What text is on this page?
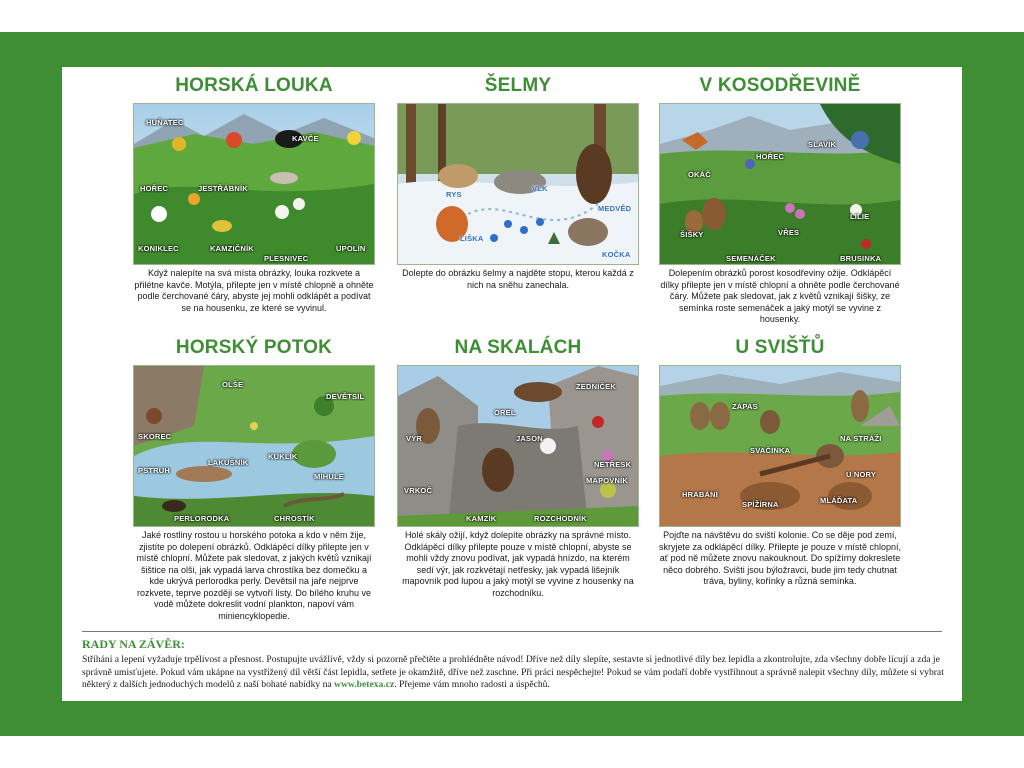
HORSKÁ LOUKA
HUŇATEC
KAVČE
HOŘEC	JESTŘÁBNÍK
KONIKLEC	KAMZIČNÍK
PLESNIVEC
UPOLÍN

Když nalepíte na svá místa obrázky, louka rozkvete a přilétne kavče. Motýla, přilepte jen v místě chlopně a ohněte podle čerchované čáry, abyste jej mohli odklápět a podívat se na housenku, ze které se vyvinul.

ŠELMY
RYS
VLK
MEDVĚD
LIŠKA
KOČKA

Dolepte do obrázku šelmy a najděte stopu, kterou každá z nich na sněhu zanechala.

V KOSODŘEVINĚ
SLAVÍK
OKÁČ
HOŘEC
LILIE
ŠIŠKY	VŘES
SEMENÁČEK	BRUSINKA

Dolepením obrázků porost kosodřeviny ožije. Odklápěcí dílky přilepte jen v místě chlopní a ohněte podle čerchované čáry. Můžete pak sledovat, jak z květů vznikají šišky, ze semínka roste semenáček a jaký motýl se vyvine z housenky.

HORSKÝ POTOK
OLŠE
DEVĚTSIL
SKOREC
KUKLÍK
LAKUŠNÍK
PSTRUH
MIHULE
PERLORODKA	CHROSTÍK

Jaké rostliny rostou u horského potoka a kdo v něm žije, zjistíte po dolepení obrázků. Odklápěcí dílky přilepte jen v místě chlopní. Můžete pak sledovat, z jakých květů vznikají šištice na olši, jak vypadá larva chrostíka bez domečku a kde ukrývá perlorodka perly. Devětsil na jaře nejprve rozkvete, teprve později se vytvoří listy. Do bílého kruhu ve vodě můžete dokreslit vodní plankton, napoví vám miniencyklopedie.

NA SKALÁCH
ZEDNÍČEK
OREL
VÝR	JASON
NETŘESK
MAPOVNÍK
VRKOČ
KAMZÍK	ROZCHODNÍK

Holé skály ožijí, když dolepíte obrázky na správné místo. Odklápěcí dílky přilepte pouze v místě chlopní, abyste se mohli vždy znovu podívat, jak vypadá hnízdo, na kterém sedí výr, jak rozkvétají netřesky, jak vypadá lišejník mapovník pod lupou a jaký motýl se vyvine z housenky na rozchodníku.

U SVIŠŤŮ
ZÁPAS
SVAČINKA
NA STRÁŽI
U NORY
HRABÁNÍ
SPÍŽÍRNA	MLÁĎATA

Pojďte na návštěvu do sviští kolonie. Co se děje pod zemí, skryjete za odklápěcí dílky. Přilepte je pouze v místě chlopní, ať pod ně můžete znovu nakouknout. Do spížírny dokreslete něco dobrého. Svišti jsou býložravci, bude jim tedy chutnat tráva, byliny, kořínky a různá semínka.

RADY NA ZÁVĚR:
Stříhání a lepení vyžaduje trpělivost a přesnost. Postupujte uvážlivě, vždy si pozorně přečtěte a prohlédněte návod! Dříve než díly slepíte, sestavte si jednotlivé díly bez lepidla a zkontrolujte, zda všechny dobře lícují a zda je správně umisťujete. Pokud vám ukápne na vystřížený díl větší část lepidla, setřete je okamžitě, dříve než zaschne. Při práci nespěchejte! Pokud se vám podaří dobře vystřihnout a správně nalepit všechny díly, můžete si vybrat některý z dalších jednoduchých modelů z naší bohaté nabídky na www.betexa.cz. Přejeme vám mnoho radosti a úspěchů.
